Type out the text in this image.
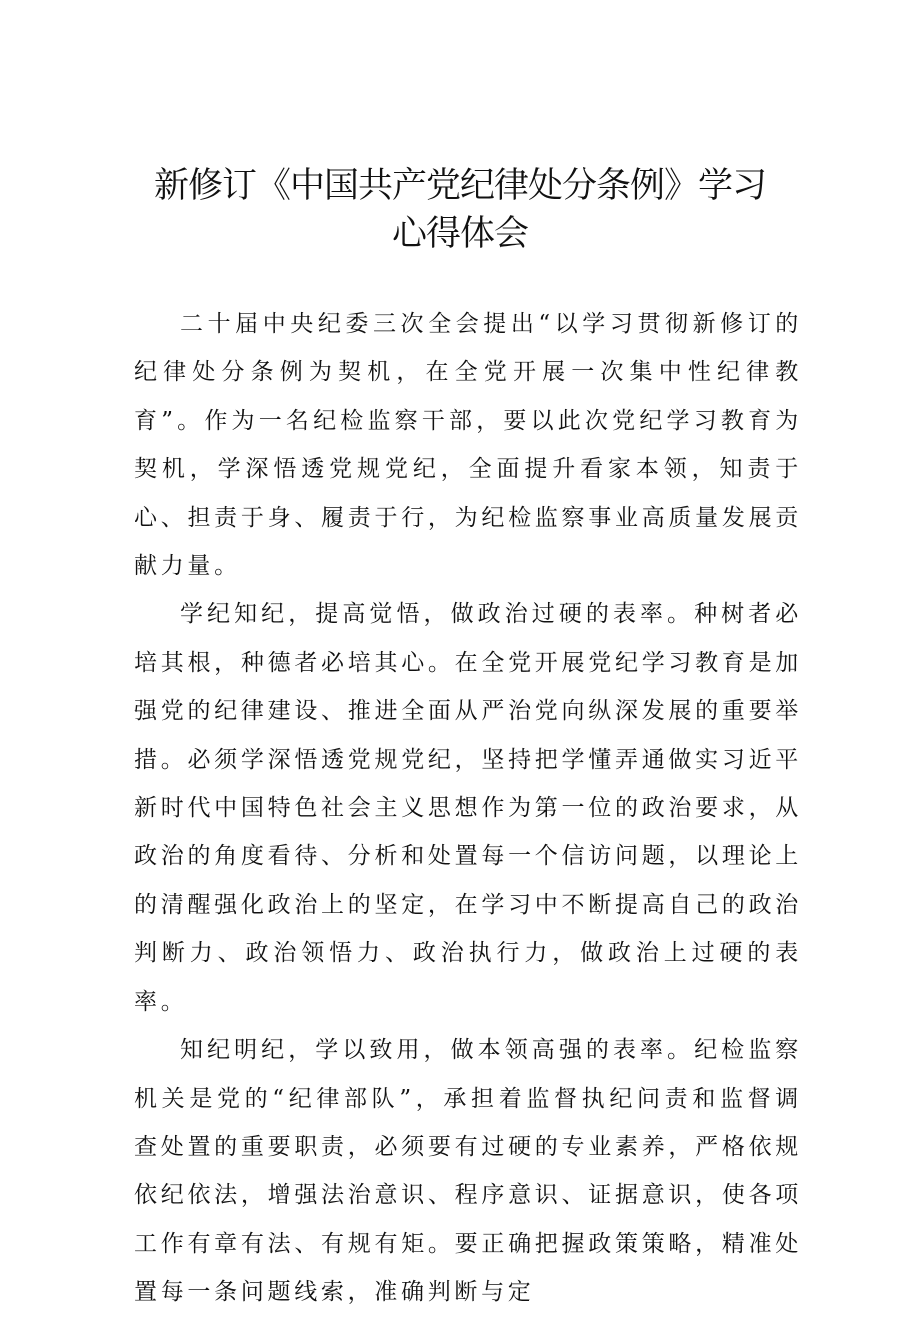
新修订《中国共产党纪律处分条例》学习
心得体会

二十届中央纪委三次全会提出“以学习贯彻新修订的纪律处分条例为契机，在全党开展一次集中性纪律教育”。作为一名纪检监察干部，要以此次党纪学习教育为契机，学深悟透党规党纪，全面提升看家本领，知责于心、担责于身、履责于行，为纪检监察事业高质量发展贡献力量。

学纪知纪，提高觉悟，做政治过硬的表率。种树者必培其根，种德者必培其心。在全党开展党纪学习教育是加强党的纪律建设、推进全面从严治党向纵深发展的重要举措。必须学深悟透党规党纪，坚持把学懂弄通做实习近平新时代中国特色社会主义思想作为第一位的政治要求，从政治的角度看待、分析和处置每一个信访问题，以理论上的清醒强化政治上的坚定，在学习中不断提高自己的政治判断力、政治领悟力、政治执行力，做政治上过硬的表率。

知纪明纪，学以致用，做本领高强的表率。纪检监察机关是党的“纪律部队”，承担着监督执纪问责和监督调查处置的重要职责，必须要有过硬的专业素养，严格依规依纪依法，增强法治意识、程序意识、证据意识，使各项工作有章有法、有规有矩。要正确把握政策策略，精准处置每一条问题线索，准确判断与定
